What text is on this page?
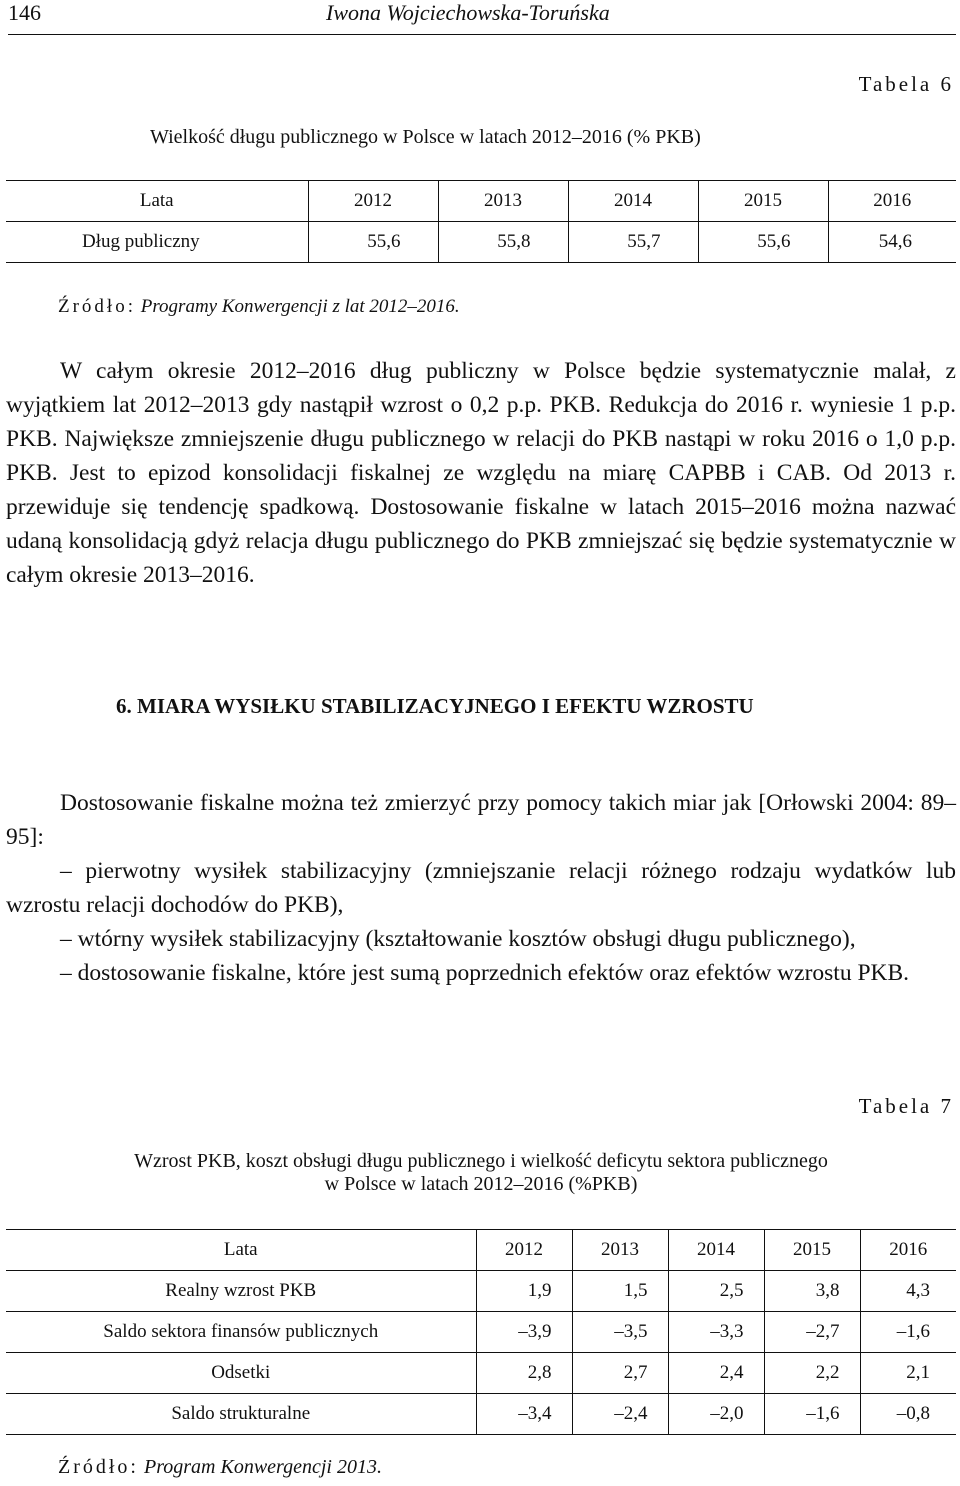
146	Iwona Wojciechowska-Toruńska
Tabela 6
Wielkość długu publicznego w Polsce w latach 2012–2016 (% PKB)
Lata	2012	2013	2014	2015	2016
Dług publiczny	55,6	55,8	55,7	55,6	54,6
Źródło: Programy Konwergencji z lat 2012–2016.

W całym okresie 2012–2016 dług publiczny w Polsce będzie systematycznie malał, z wyjątkiem lat 2012–2013 gdy nastąpił wzrost o 0,2 p.p. PKB. Redukcja do 2016 r. wyniesie 1 p.p. PKB. Największe zmniejszenie długu publicznego w relacji do PKB nastąpi w roku 2016 o 1,0 p.p. PKB. Jest to epizod konsolidacji fiskalnej ze względu na miarę CAPBB i CAB. Od 2013 r. przewiduje się tendencję spadkową. Dostosowanie fiskalne w latach 2015–2016 można nazwać udaną konsolidacją gdyż relacja długu publicznego do PKB zmniejszać się będzie systematycznie w całym okresie 2013–2016.

6. MIARA WYSIŁKU STABILIZACYJNEGO I EFEKTU WZROSTU

Dostosowanie fiskalne można też zmierzyć przy pomocy takich miar jak [Orłowski 2004: 89–95]:

– pierwotny wysiłek stabilizacyjny (zmniejszanie relacji różnego rodzaju wydatków lub wzrostu relacji dochodów do PKB),

– wtórny wysiłek stabilizacyjny (kształtowanie kosztów obsługi długu publicznego),

– dostosowanie fiskalne, które jest sumą poprzednich efektów oraz efektów wzrostu PKB.

Tabela 7
Wzrost PKB, koszt obsługi długu publicznego i wielkość deficytu sektora publicznego
w Polsce w latach 2012–2016 (%PKB)
Lata	2012	2013	2014	2015	2016
Realny wzrost PKB	1,9	1,5	2,5	3,8	4,3
Saldo sektora finansów publicznych	–3,9	–3,5	–3,3	–2,7	–1,6
Odsetki	2,8	2,7	2,4	2,2	2,1
Saldo strukturalne	–3,4	–2,4	–2,0	–1,6	–0,8
Źródło: Program Konwergencji 2013.
